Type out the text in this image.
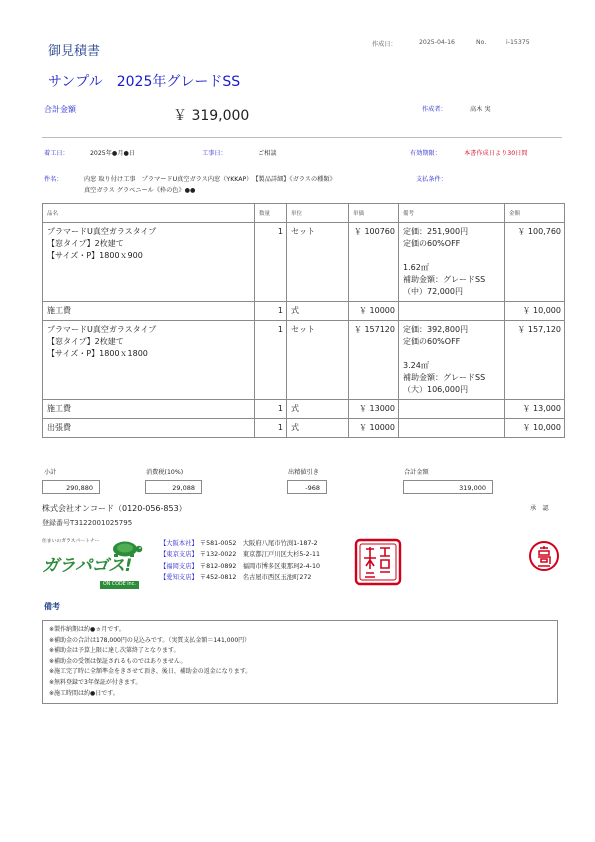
御見積書	作成日：	2025-04-16	No.	i-15375
サンプル　2025年グレードSS
合計金額	￥ 319,000	作成者：	高木 実
着工日：	2025年●月●日	工事日：	ご相談	有効期限：	本書作成日より30日間
件名：	内窓 取り付け工事　プラマードU真空ガラス内窓（YKKAP）　【製品詳細】《ガラスの種類》
真空ガラス グラベニール《枠の色》●●
支払条件：
品名	数量	単位	単価	備考	金額
プラマードU真空ガラスタイプ
【窓タイプ】2枚建て
【サイズ・P】1800ｘ900	1	セット	￥ 100760	定価：251,900円
定価の60%OFF

1.62㎡
補助金額：グレードSS
（中）72,000円	￥ 100,760
施工費	1	式	￥ 10000		￥ 10,000
プラマードU真空ガラスタイプ
【窓タイプ】2枚建て
【サイズ・P】1800ｘ1800	1	セット	￥ 157120	定価：392,800円
定価の60%OFF

3.24㎡
補助金額：グレードSS
（大）106,000円	￥ 157,120
施工費	1	式	￥ 13000		￥ 13,000
出張費	1	式	￥ 10000		￥ 10,000
小計
290,880
消費税(10%)
29,088
出精値引き
-968
合計金額
319,000
株式会社オンコード（0120-056-853）
登録番号T3122001025795
承　認
住まいのガラスパートナー
ガラパゴス!
ON CODE Inc.
【大阪本社】 〒581-0052　 大阪府八尾市竹渕1-187-2
【東京支店】 〒132-0022　 東京都江戸川区大杉5-2-11
【福岡支店】 〒812-0892　 福岡市博多区東那珂2-4-10
【愛知支店】 〒452-0812　 名古屋市西区玉池町272
備考
※製作納期は約●ヵ月です。
※補助金の合計は178,000円の見込みです。（実質支払金額＝141,000円）
※補助金は予算上限に達し次第終了となります。
※補助金の受領は保証されるものではありません。
※施工完了時に全額準金をきさせて頂き、後日、補助金の返金になります。
※無料登録で3年保証が付きます。
※施工時間は約●日です。
